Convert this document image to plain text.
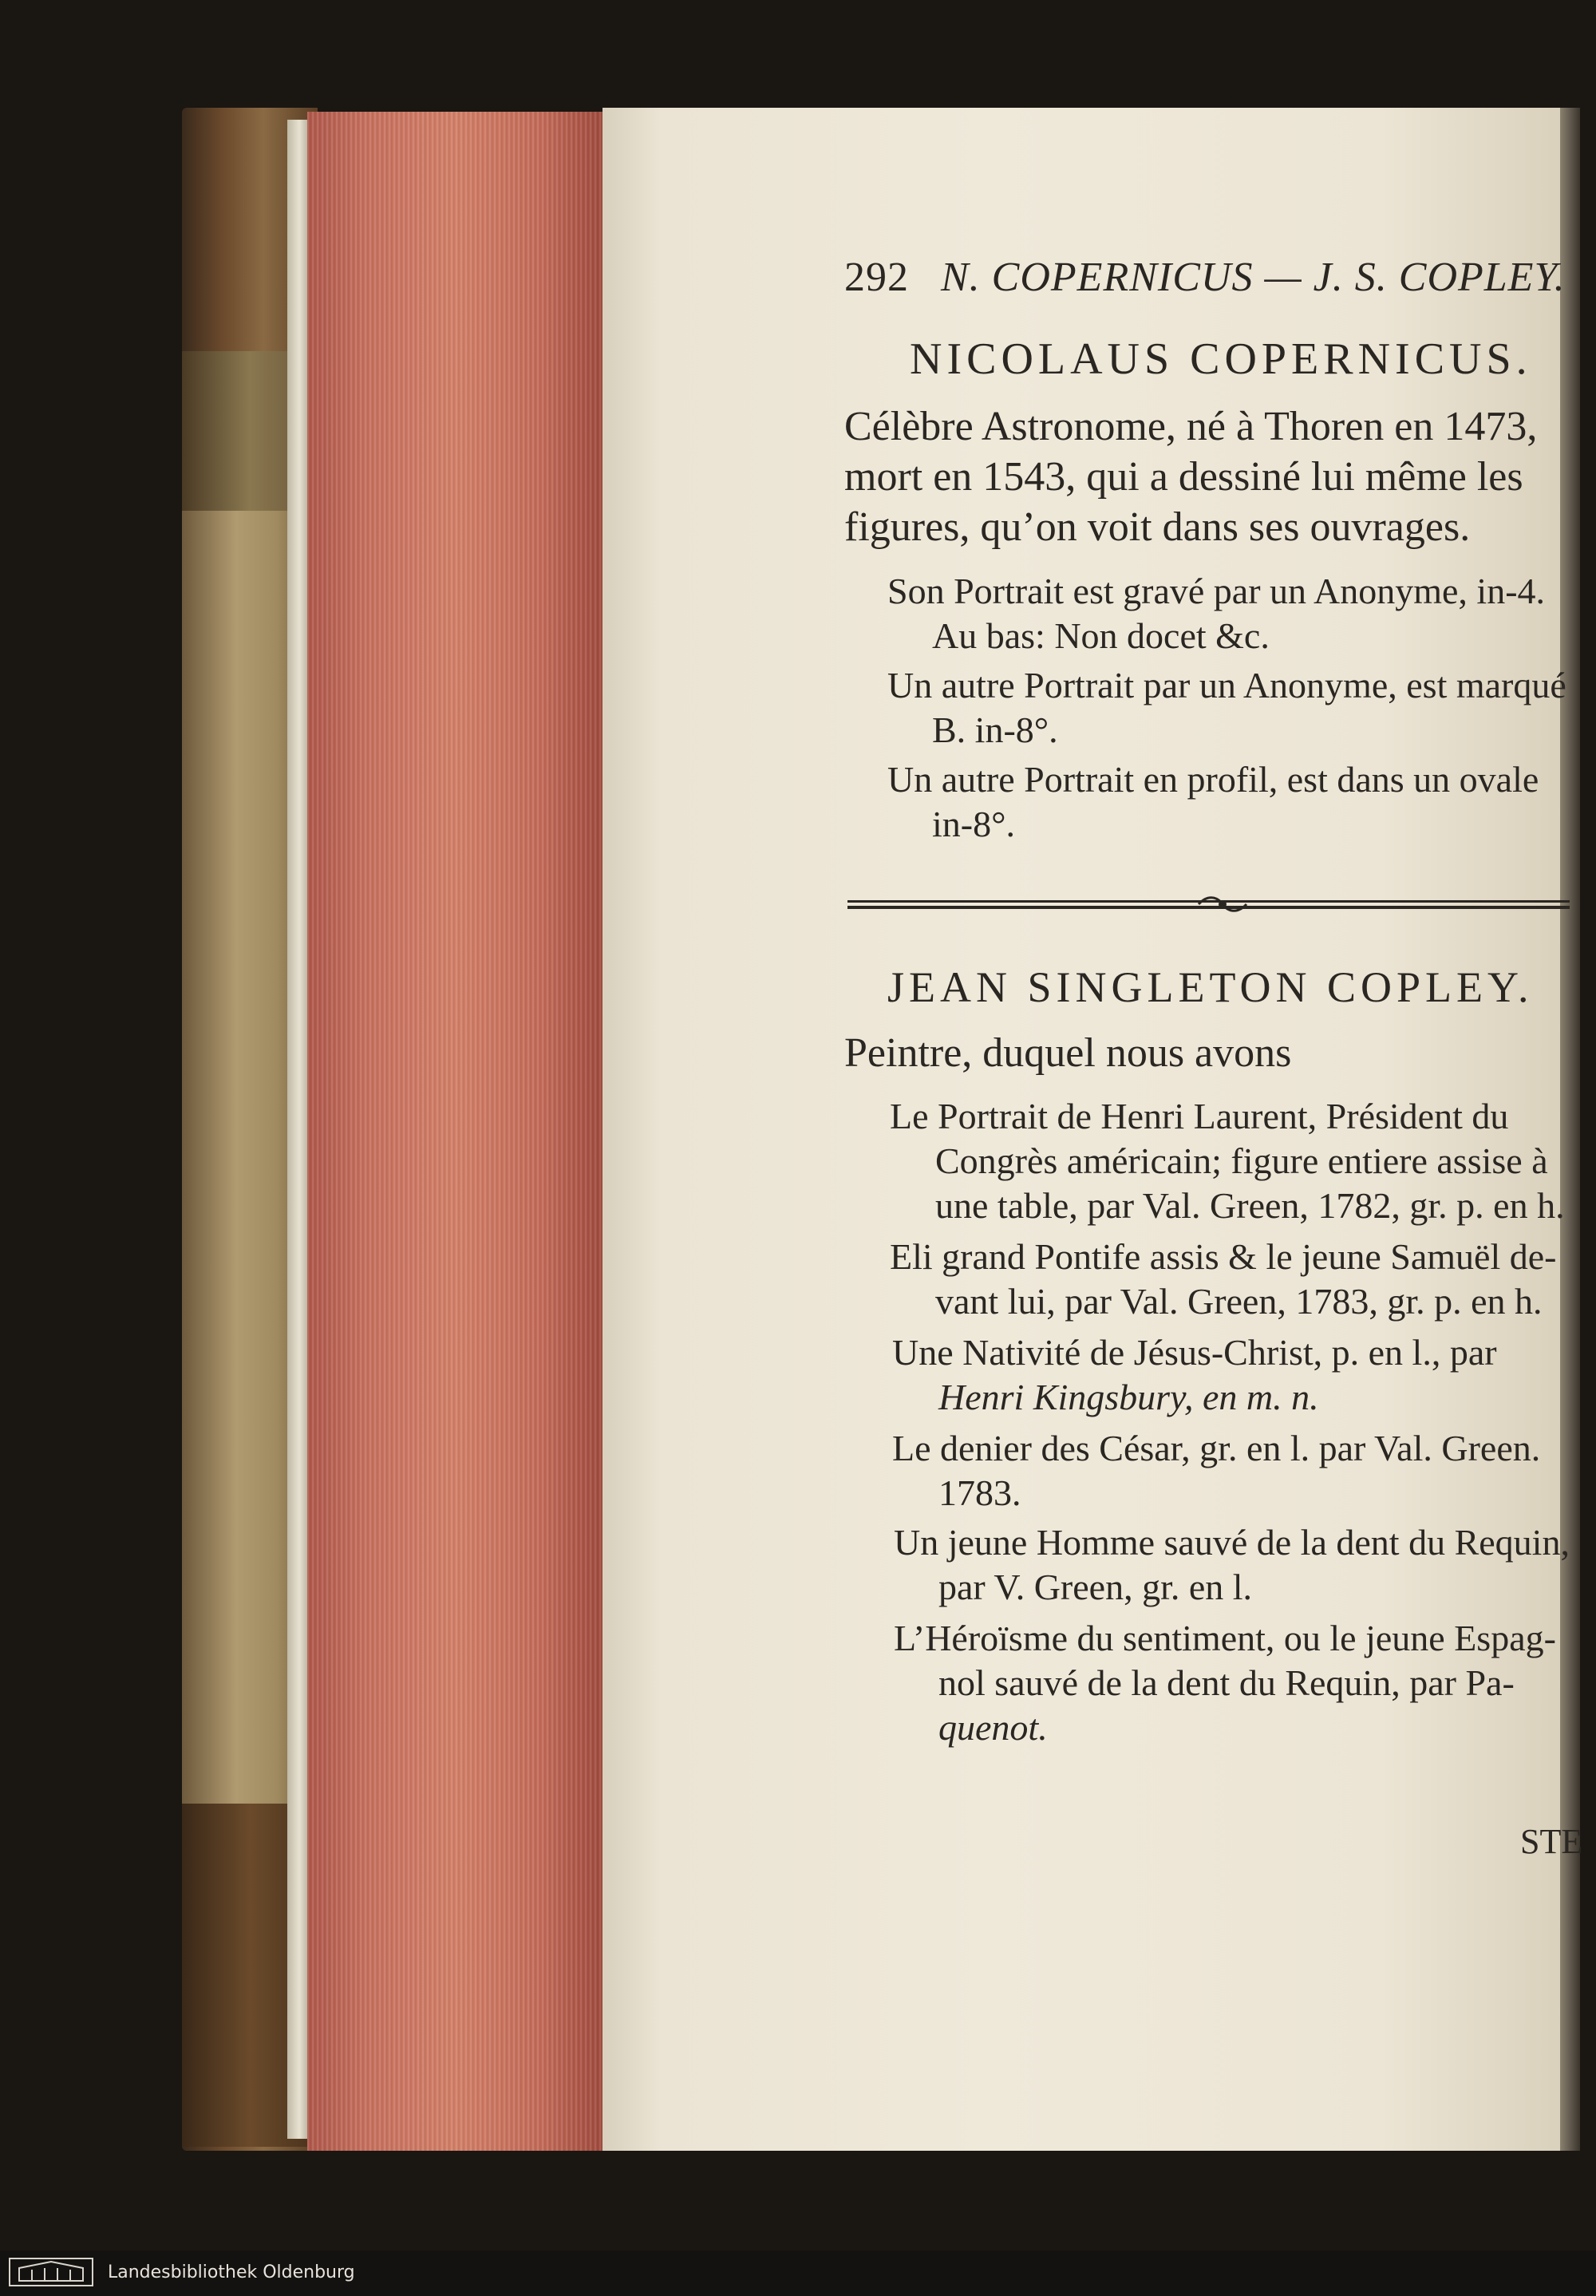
292 N. COPERNICUS — J. S. COPLEY.
NICOLAUS COPERNICUS.
Célèbre Astronome, né à Thoren en 1473,
mort en 1543, qui a dessiné lui même les
figures, qu’on voit dans ses ouvrages.
Son Portrait est gravé par un Anonyme, in-4.
Au bas: Non docet &c.
Un autre Portrait par un Anonyme, est marqué
B. in-8°.
Un autre Portrait en profil, est dans un ovale
in-8°.
JEAN SINGLETON COPLEY.
Peintre, duquel nous avons
Le Portrait de Henri Laurent, Président du
Congrès américain; figure entiere assise à
une table, par Val. Green, 1782, gr. p. en h.
Eli grand Pontife assis & le jeune Samuël de-
vant lui, par Val. Green, 1783, gr. p. en h.
Une Nativité de Jésus-Christ, p. en l., par
Henri Kingsbury, en m. n.
Le denier des César, gr. en l. par Val. Green.
1783.
Un jeune Homme sauvé de la dent du Requin,
par V. Green, gr. en l.
L’Héroïsme du sentiment, ou le jeune Espag-
nol sauvé de la dent du Requin, par Pa-
quenot.
STE
Landesbibliothek Oldenburg
